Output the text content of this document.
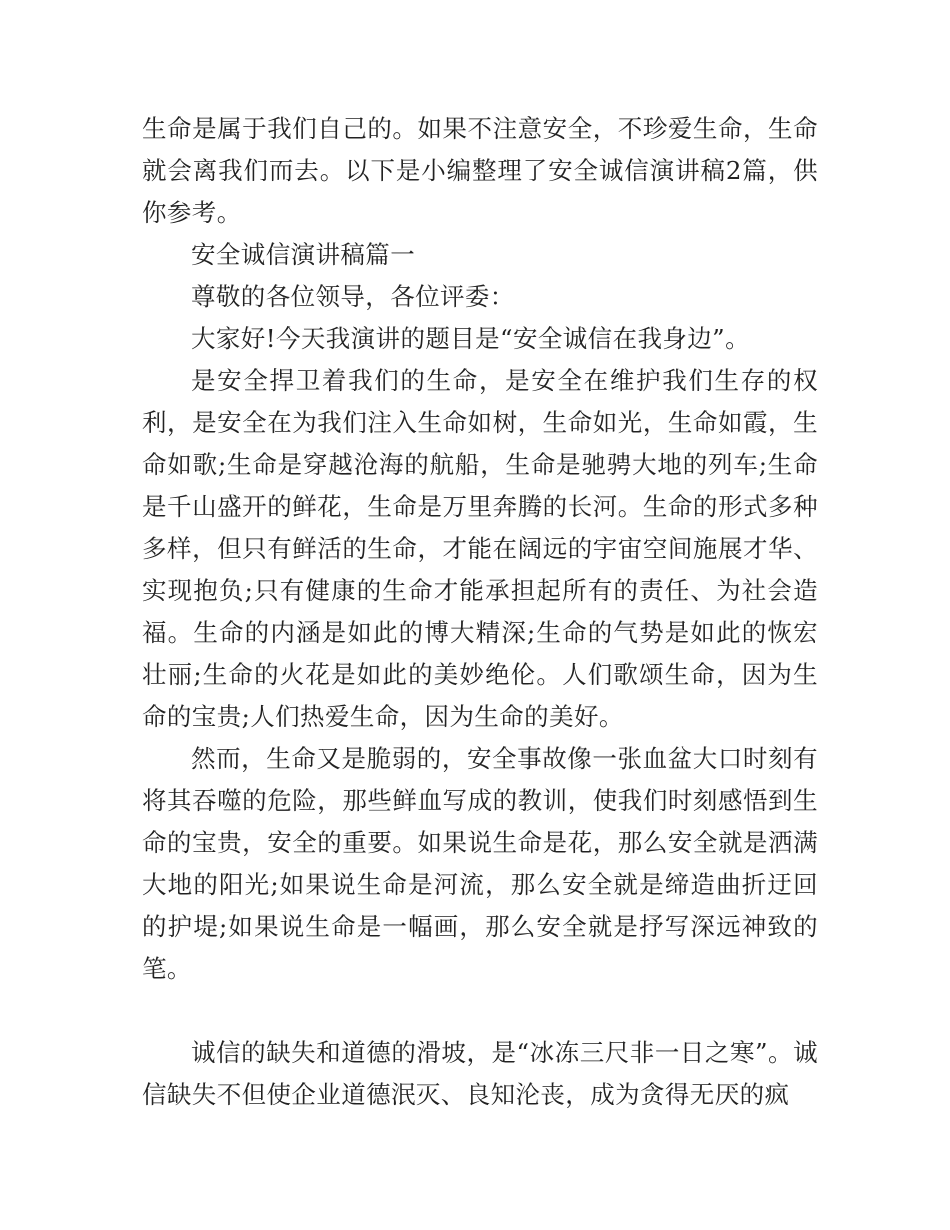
生命是属于我们自己的。如果不注意安全，不珍爱生命，生命就会离我们而去。以下是小编整理了安全诚信演讲稿2篇，供你参考。

安全诚信演讲稿篇一

尊敬的各位领导，各位评委：

大家好!今天我演讲的题目是“安全诚信在我身边”。

是安全捍卫着我们的生命，是安全在维护我们生存的权利，是安全在为我们注入生命如树，生命如光，生命如霞，生命如歌;生命是穿越沧海的航船，生命是驰骋大地的列车;生命是千山盛开的鲜花，生命是万里奔腾的长河。生命的形式多种多样，但只有鲜活的生命，才能在阔远的宇宙空间施展才华、实现抱负;只有健康的生命才能承担起所有的责任、为社会造福。生命的内涵是如此的博大精深;生命的气势是如此的恢宏壮丽;生命的火花是如此的美妙绝伦。人们歌颂生命，因为生命的宝贵;人们热爱生命，因为生命的美好。

然而，生命又是脆弱的，安全事故像一张血盆大口时刻有将其吞噬的危险，那些鲜血写成的教训，使我们时刻感悟到生命的宝贵，安全的重要。如果说生命是花，那么安全就是洒满大地的阳光;如果说生命是河流，那么安全就是缔造曲折迂回的护堤;如果说生命是一幅画，那么安全就是抒写深远神致的笔。

诚信的缺失和道德的滑坡，是“冰冻三尺非一日之寒”。诚信缺失不但使企业道德泯灭、良知沦丧，成为贪得无厌的疯
